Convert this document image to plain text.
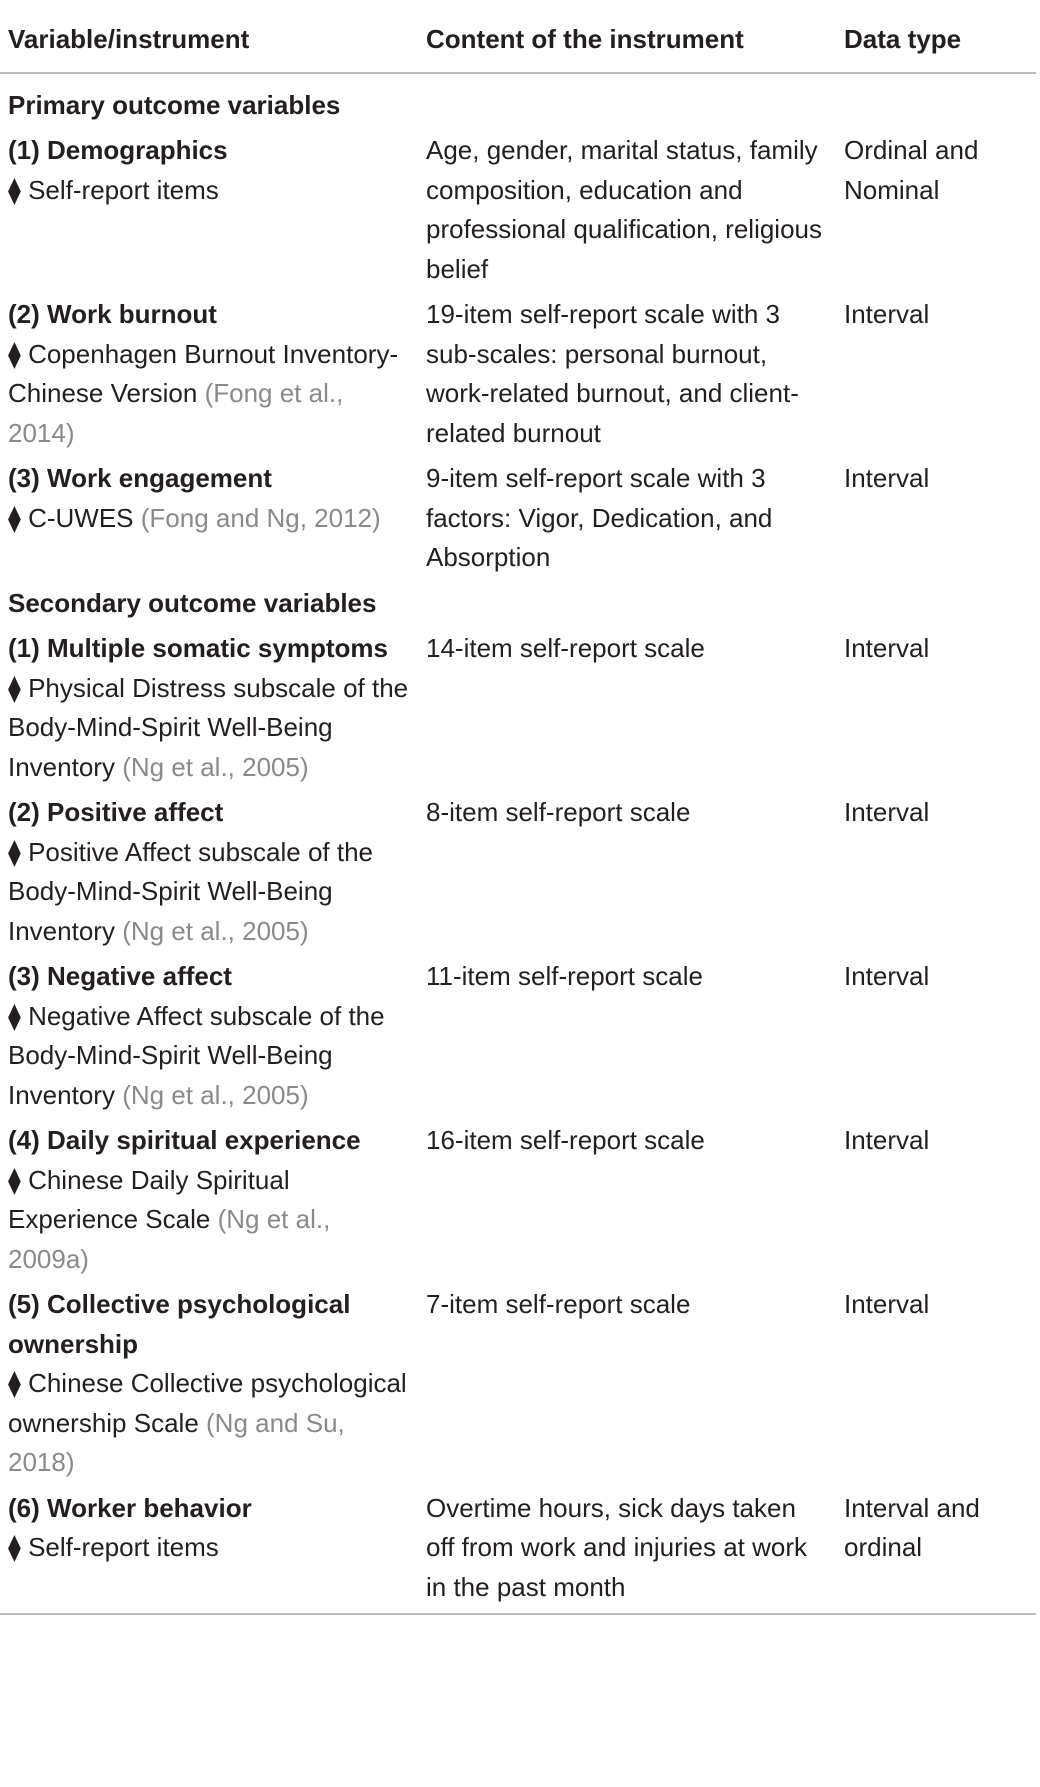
Variable/instrument	Content of the instrument	Data type
Primary outcome variables		

(1) Demographics
⧫ Self-report items	Age, gender, marital status, family composition, education and professional qualification, religious belief	Ordinal and Nominal

(2) Work burnout
⧫ Copenhagen Burnout Inventory-Chinese Version (Fong et al., 2014)	19-item self-report scale with 3 sub-scales: personal burnout, work-related burnout, and client-related burnout	Interval

(3) Work engagement
⧫ C-UWES (Fong and Ng, 2012)	9-item self-report scale with 3 factors: Vigor, Dedication, and Absorption	Interval
Secondary outcome variables		

(1) Multiple somatic symptoms
⧫ Physical Distress subscale of the Body-Mind-Spirit Well-Being Inventory (Ng et al., 2005)	14-item self-report scale	Interval

(2) Positive affect
⧫ Positive Affect subscale of the Body-Mind-Spirit Well-Being Inventory (Ng et al., 2005)	8-item self-report scale	Interval

(3) Negative affect
⧫ Negative Affect subscale of the Body-Mind-Spirit Well-Being Inventory (Ng et al., 2005)	11-item self-report scale	Interval

(4) Daily spiritual experience
⧫ Chinese Daily Spiritual Experience Scale (Ng et al., 2009a)	16-item self-report scale	Interval

(5) Collective psychological ownership
⧫ Chinese Collective psychological ownership Scale (Ng and Su, 2018)	7-item self-report scale	Interval

(6) Worker behavior
⧫ Self-report items	Overtime hours, sick days taken off from work and injuries at work in the past month	Interval and ordinal
